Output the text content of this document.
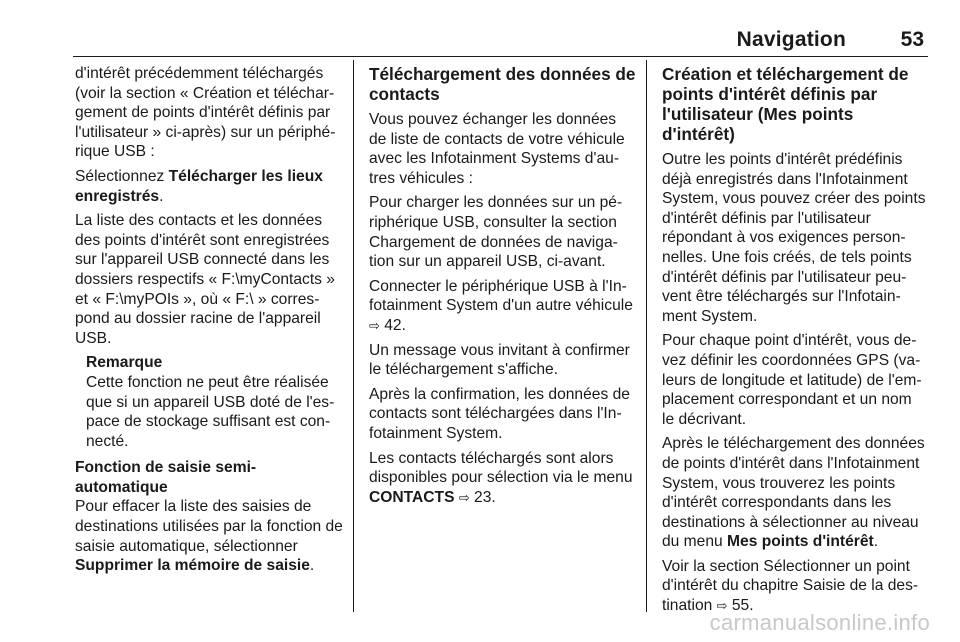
Navigation	53

d'intérêt précédemment téléchargés (voir la section « Création et téléchargement de points d'intérêt définis par l'utilisateur » ci-après) sur un périphérique USB :

Sélectionnez Télécharger les lieux enregistrés.

La liste des contacts et les données des points d'intérêt sont enregistrées sur l'appareil USB connecté dans les dossiers respectifs « F:\myContacts » et « F:\myPOIs », où « F:\ » correspond au dossier racine de l'appareil USB.

Remarque
Cette fonction ne peut être réalisée que si un appareil USB doté de l'espace de stockage suffisant est connecté.
Fonction de saisie semi-automatique

Pour effacer la liste des saisies de destinations utilisées par la fonction de saisie automatique, sélectionner Supprimer la mémoire de saisie.

Téléchargement des données de contacts

Vous pouvez échanger les données de liste de contacts de votre véhicule avec les Infotainment Systems d'autres véhicules :

Pour charger les données sur un périphérique USB, consulter la section Chargement de données de navigation sur un appareil USB, ci-avant.

Connecter le périphérique USB à l'Infotainment System d'un autre véhicule ⇨ 42.

Un message vous invitant à confirmer le téléchargement s'affiche.

Après la confirmation, les données de contacts sont téléchargées dans l'Infotainment System.

Les contacts téléchargés sont alors disponibles pour sélection via le menu CONTACTS ⇨ 23.

Création et téléchargement de points d'intérêt définis par l'utilisateur (Mes points d'intérêt)

Outre les points d'intérêt prédéfinis déjà enregistrés dans l'Infotainment System, vous pouvez créer des points d'intérêt définis par l'utilisateur répondant à vos exigences personnelles. Une fois créés, de tels points d'intérêt définis par l'utilisateur peuvent être téléchargés sur l'Infotainment System.

Pour chaque point d'intérêt, vous devez définir les coordonnées GPS (valeurs de longitude et latitude) de l'emplacement correspondant et un nom le décrivant.

Après le téléchargement des données de points d'intérêt dans l'Infotainment System, vous trouverez les points d'intérêt correspondants dans les destinations à sélectionner au niveau du menu Mes points d'intérêt.

Voir la section Sélectionner un point d'intérêt du chapitre Saisie de la destination ⇨ 55.

carmanualsonline.info
